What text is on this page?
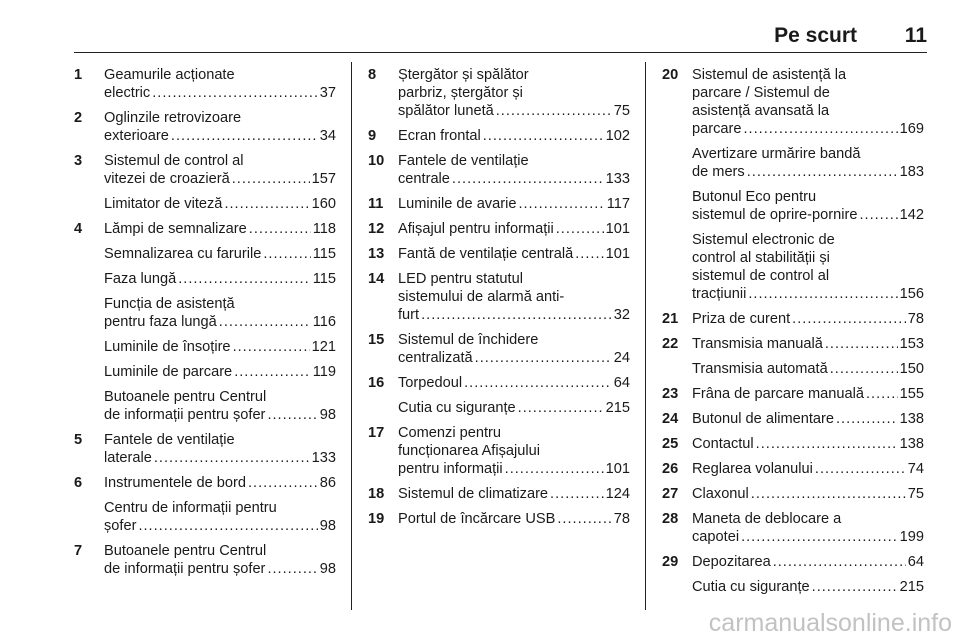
Pe scurt 11
1	Geamurile acționate
electric .....	37
2	Oglinzile retrovizoare
exterioare .....	34
3	Sistemul de control al
vitezei de croazieră .....	157
Limitator de viteză .....	160
4	Lămpi de semnalizare .....	118
Semnalizarea cu farurile .....	115
Faza lungă .....	115
Funcția de asistență
pentru faza lungă .....	116
Luminile de însoțire .....	121
Luminile de parcare .....	119
Butoanele pentru Centrul
de informații pentru șofer .....	98
5	Fantele de ventilație
laterale .....	133
6	Instrumentele de bord .....	86
Centru de informații pentru
șofer .....	98
7	Butoanele pentru Centrul
de informații pentru șofer .....	98
8	Ștergător și spălător
parbriz, ștergător și
spălător lunetă .....	75
9	Ecran frontal .....	102
10 Fantele de ventilație
centrale .....	133
11 Luminile de avarie .....	117
12 Afișajul pentru informații .....	101
13 Fantă de ventilație centrală ..... 101
14 LED pentru statutul
sistemului de alarmă anti-
furt .....	32
15 Sistemul de închidere
centralizată .....	24
16 Torpedoul .....	64
Cutia cu siguranțe .....	215
17 Comenzi pentru
funcționarea Afișajului
pentru informații .....	101
18 Sistemul de climatizare .....	124
19 Portul de încărcare USB .....	78
20 Sistemul de asistență la
parcare / Sistemul de
asistență avansată la
parcare .....	169
Avertizare urmărire bandă
de mers .....	183
Butonul Eco pentru
sistemul de oprire-pornire .....	142
Sistemul electronic de
control al stabilității și
sistemul de control al
tracțiunii .....	156
21 Priza de curent .....	78
22 Transmisia manuală .....	153
Transmisia automată .....	150
23 Frâna de parcare manuală ..... 155
24 Butonul de alimentare .....	138
25 Contactul .....	138
26 Reglarea volanului .....	74
27 Claxonul .....	75
28 Maneta de deblocare a
capotei .....	199
29 Depozitarea .....	64
Cutia cu siguranțe .....	215
carmanualsonline.info
